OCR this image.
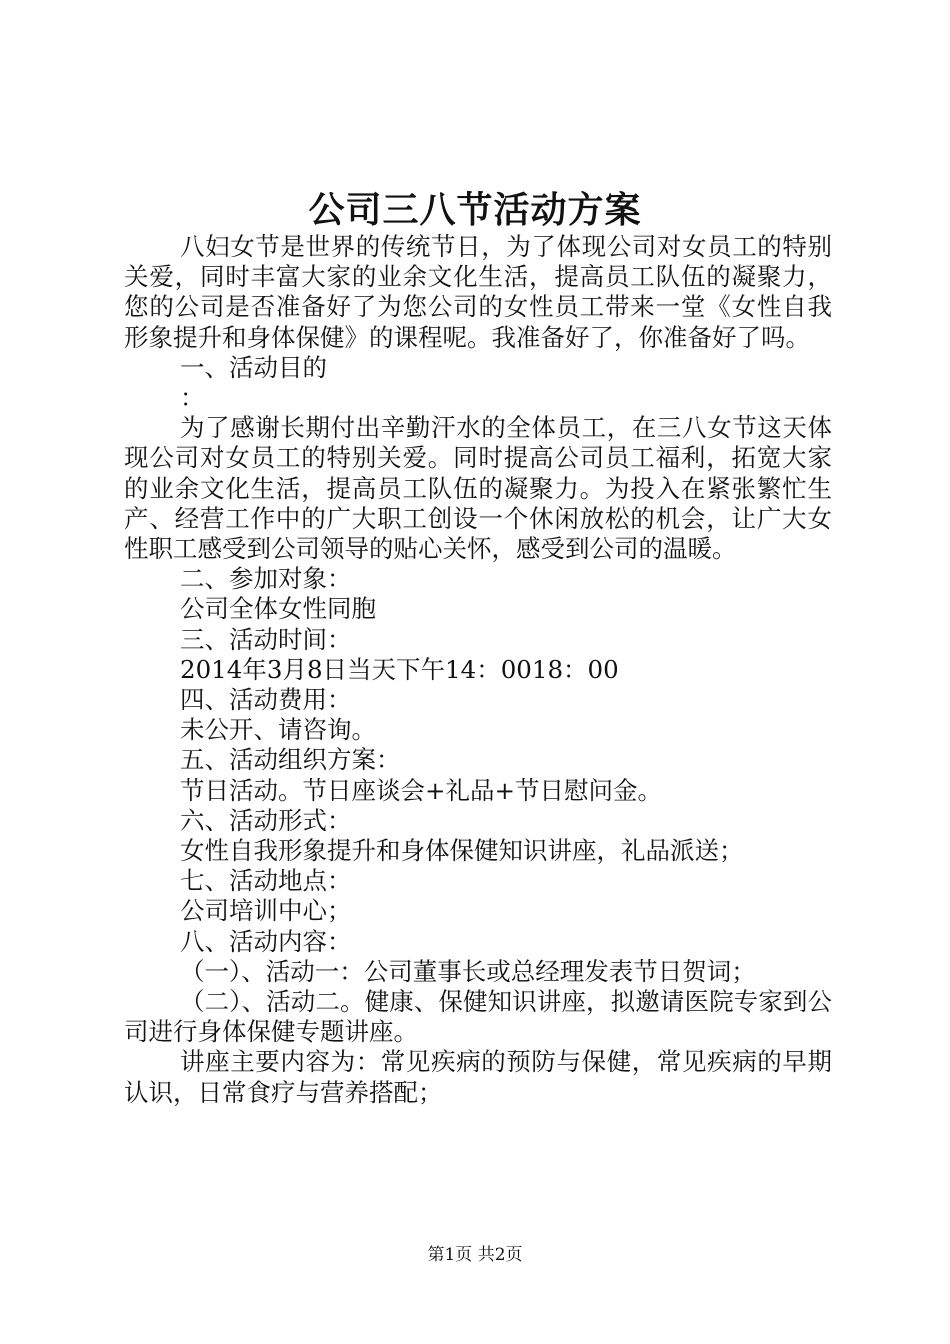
公司三八节活动方案

八妇女节是世界的传统节日，为了体现公司对女员工的特别关爱，同时丰富大家的业余文化生活，提高员工队伍的凝聚力，您的公司是否准备好了为您公司的女性员工带来一堂《女性自我形象提升和身体保健》的课程呢。我准备好了，你准备好了吗。

一、活动目的

：

为了感谢长期付出辛勤汗水的全体员工，在三八女节这天体现公司对女员工的特别关爱。同时提高公司员工福利，拓宽大家的业余文化生活，提高员工队伍的凝聚力。为投入在紧张繁忙生产、经营工作中的广大职工创设一个休闲放松的机会，让广大女性职工感受到公司领导的贴心关怀，感受到公司的温暖。

二、参加对象：

公司全体女性同胞

三、活动时间：

2014年3月8日当天下午14：0018：00

四、活动费用：

未公开、请咨询。

五、活动组织方案：

节日活动。节日座谈会+礼品+节日慰问金。

六、活动形式：

女性自我形象提升和身体保健知识讲座，礼品派送；

七、活动地点：

公司培训中心；

八、活动内容：

（一）、活动一：公司董事长或总经理发表节日贺词；

（二）、活动二。健康、保健知识讲座，拟邀请医院专家到公司进行身体保健专题讲座。

讲座主要内容为：常见疾病的预防与保健，常见疾病的早期认识，日常食疗与营养搭配；

第1页 共2页
